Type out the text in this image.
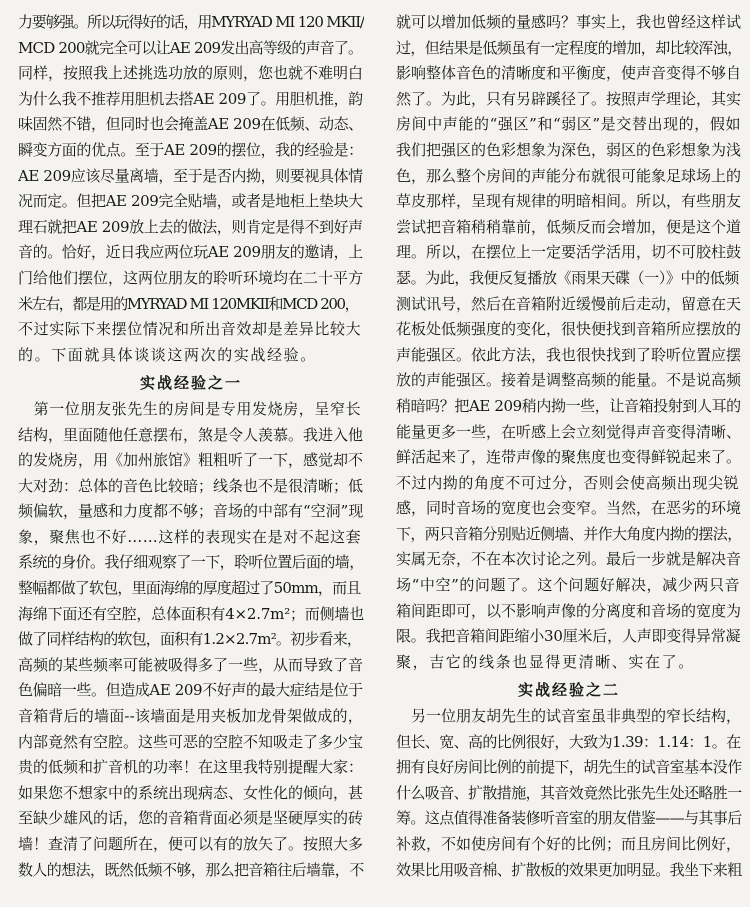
力要够强。所以玩得好的话，用MYRYAD MI 120 MKII/
MCD 200就完全可以让AE 209发出高等级的声音了。
同样，按照我上述挑选功放的原则，您也就不难明白
为什么我不推荐用胆机去搭AE 209了。用胆机推，韵
味固然不错，但同时也会掩盖AE 209在低频、动态、
瞬变方面的优点。至于AE 209的摆位，我的经验是：
AE 209应该尽量离墙，至于是否内拗，则要视具体情
况而定。但把AE 209完全贴墙，或者是地柜上垫块大
理石就把AE 209放上去的做法，则肯定是得不到好声
音的。恰好，近日我应两位玩AE 209朋友的邀请，上
门给他们摆位，这两位朋友的聆听环境均在二十平方
米左右，都是用的MYRYAD MI 120MKII和MCD 200，
不过实际下来摆位情况和所出音效却是差异比较大
的。下面就具体谈谈这两次的实战经验。
实战经验之一
　第一位朋友张先生的房间是专用发烧房，呈窄长
结构，里面随他任意摆布，煞是令人羡慕。我进入他
的发烧房，用《加州旅馆》粗粗听了一下，感觉却不
大对劲：总体的音色比较暗；线条也不是很清晰；低
频偏软，量感和力度都不够；音场的中部有“空洞”现
象，聚焦也不好……这样的表现实在是对不起这套
系统的身价。我仔细观察了一下，聆听位置后面的墙，
整幅都做了软包，里面海绵的厚度超过了50mm，而且
海绵下面还有空腔，总体面积有4×2.7m²；而侧墙也
做了同样结构的软包，面积有1.2×2.7m²。初步看来，
高频的某些频率可能被吸得多了一些，从而导致了音
色偏暗一些。但造成AE 209不好声的最大症结是位于
音箱背后的墙面--该墙面是用夹板加龙骨架做成的，
内部竟然有空腔。这些可恶的空腔不知吸走了多少宝
贵的低频和扩音机的功率！在这里我特别提醒大家：
如果您不想家中的系统出现病态、女性化的倾向，甚
至缺少雄风的话，您的音箱背面必须是坚硬厚实的砖
墙！查清了问题所在，便可以有的放矢了。按照大多
数人的想法，既然低频不够，那么把音箱往后墙靠，不
就可以增加低频的量感吗？事实上，我也曾经这样试
过，但结果是低频虽有一定程度的增加，却比较浑浊，
影响整体音色的清晰度和平衡度，使声音变得不够自
然了。为此，只有另辟蹊径了。按照声学理论，其实
房间中声能的“强区”和“弱区”是交替出现的，假如
我们把强区的色彩想象为深色，弱区的色彩想象为浅
色，那么整个房间的声能分布就很可能象足球场上的
草皮那样，呈现有规律的明暗相间。所以，有些朋友
尝试把音箱稍稍靠前，低频反而会增加，便是这个道
理。所以，在摆位上一定要活学活用，切不可胶柱鼓
瑟。为此，我便反复播放《雨果天碟（一）》中的低频
测试讯号，然后在音箱附近缓慢前后走动，留意在天
花板处低频强度的变化，很快便找到音箱所应摆放的
声能强区。依此方法，我也很快找到了聆听位置应摆
放的声能强区。接着是调整高频的能量。不是说高频
稍暗吗？把AE 209稍内拗一些，让音箱投射到人耳的
能量更多一些，在听感上会立刻觉得声音变得清晰、
鲜活起来了，连带声像的聚焦度也变得鲜锐起来了。
不过内拗的角度不可过分，否则会使高频出现尖锐
感，同时音场的宽度也会变窄。当然，在恶劣的环境
下，两只音箱分别贴近侧墙、并作大角度内拗的摆法，
实属无奈，不在本次讨论之列。最后一步就是解决音
场“中空”的问题了。这个问题好解决，减少两只音
箱间距即可，以不影响声像的分离度和音场的宽度为
限。我把音箱间距缩小30厘米后，人声即变得异常凝
聚，吉它的线条也显得更清晰、实在了。
实战经验之二
　另一位朋友胡先生的试音室虽非典型的窄长结构，
但长、宽、高的比例很好，大致为1.39：1.14：1。在
拥有良好房间比例的前提下，胡先生的试音室基本没作
什么吸音、扩散措施，其音效竟然比张先生处还略胜一
筹。这点值得准备装修听音室的朋友借鉴——与其事后
补救，不如使房间有个好的比例；而且房间比例好，
效果比用吸音棉、扩散板的效果更加明显。我坐下来粗
